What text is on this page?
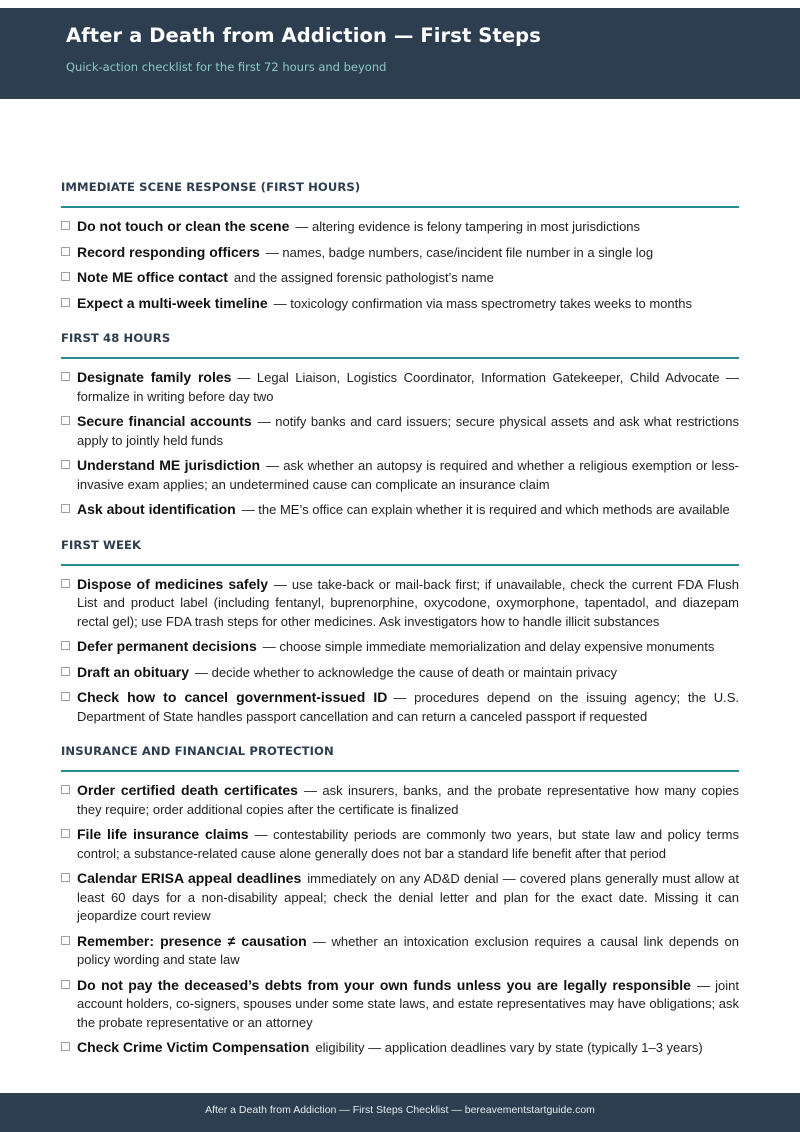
After a Death from Addiction — First Steps
Quick-action checklist for the first 72 hours and beyond
IMMEDIATE SCENE RESPONSE (FIRST HOURS)
Do not touch or clean the scene — altering evidence is felony tampering in most jurisdictions
Record responding officers — names, badge numbers, case/incident file number in a single log
Note ME office contact and the assigned forensic pathologist’s name
Expect a multi-week timeline — toxicology confirmation via mass spectrometry takes weeks to months
FIRST 48 HOURS
Designate family roles — Legal Liaison, Logistics Coordinator, Information Gatekeeper, Child Advocate — formalize in writing before day two
Secure financial accounts — notify banks and card issuers; secure physical assets and ask what restrictions apply to jointly held funds
Understand ME jurisdiction — ask whether an autopsy is required and whether a religious exemption or less-invasive exam applies; an undetermined cause can complicate an insurance claim
Ask about identification — the ME’s office can explain whether it is required and which methods are available
FIRST WEEK
Dispose of medicines safely — use take-back or mail-back first; if unavailable, check the current FDA Flush List and product label (including fentanyl, buprenorphine, oxycodone, oxymorphone, tapentadol, and diazepam rectal gel); use FDA trash steps for other medicines. Ask investigators how to handle illicit substances
Defer permanent decisions — choose simple immediate memorialization and delay expensive monuments
Draft an obituary — decide whether to acknowledge the cause of death or maintain privacy
Check how to cancel government-issued ID — procedures depend on the issuing agency; the U.S. Department of State handles passport cancellation and can return a canceled passport if requested
INSURANCE AND FINANCIAL PROTECTION
Order certified death certificates — ask insurers, banks, and the probate representative how many copies they require; order additional copies after the certificate is finalized
File life insurance claims — contestability periods are commonly two years, but state law and policy terms control; a substance-related cause alone generally does not bar a standard life benefit after that period
Calendar ERISA appeal deadlines immediately on any AD&D denial — covered plans generally must allow at least 60 days for a non-disability appeal; check the denial letter and plan for the exact date. Missing it can jeopardize court review
Remember: presence ≠ causation — whether an intoxication exclusion requires a causal link depends on policy wording and state law
Do not pay the deceased’s debts from your own funds unless you are legally responsible — joint account holders, co-signers, spouses under some state laws, and estate representatives may have obligations; ask the probate representative or an attorney
Check Crime Victim Compensation eligibility — application deadlines vary by state (typically 1–3 years)
After a Death from Addiction — First Steps Checklist — bereavementstartguide.com
